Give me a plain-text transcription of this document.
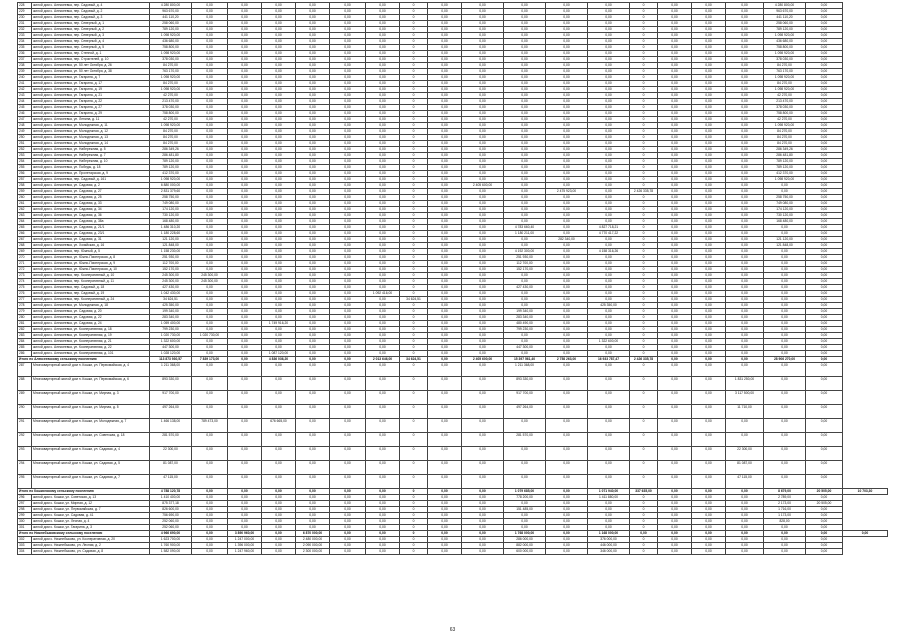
228	жилой дом с. Алексеевка, пер. Садовый, д. 4	4 280 800,00	0,00	0,00	0,00	0,00	0,00	0,00	0	0,00	0,00	0,00	0,00	0,00	0	0,00	0,00	0,00	4 280 800,00	0,00	
229	жилой дом с. Алексеевка, пер. Садовый, д. 2	963 670,00	0,00	0,00	0,00	0,00	0,00	0,00	0	0,00	0,00	0,00	0,00	0,00	0	0,00	0,00	0,00	963 670,00	0,00	
230	жилой дом с. Алексеевка, пер. Садовый, д. 3	441 110,20	0,00	0,00	0,00	0,00	0,00	0,00	0	0,00	0,00	0,00	0,00	0,00	0	0,00	0,00	0,00	441 110,20	0,00	
231	жилой дом с. Алексеевка, пер. Северный, д. 1	258 060,00	0,00	0,00	0,00	0,00	0,00	0,00	0	0,00	0,00	0,00	0,00	0,00	0	0,00	0,00	0,00	258 060,00	0,00	
232	жилой дом с. Алексеевка, пер. Северный, д. 2	789 120,00	0,00	0,00	0,00	0,00	0,00	0,00	0	0,00	0,00	0,00	0,00	0,00	0	0,00	0,00	0,00	789 120,00	0,00	
233	жилой дом с. Алексеевка, пер. Северный, д. 3	1 098 920,00	0,00	0,00	0,00	0,00	0,00	0,00	0	0,00	0,00	0,00	0,00	0,00	0	0,00	0,00	0,00	1 098 920,00	0,00	
234	жилой дом с. Алексеевка, пер. Северный, д. 4	436 680,00	0,00	0,00	0,00	0,00	0,00	0,00	0	0,00	0,00	0,00	0,00	0,00	0	0,00	0,00	0,00	436 680,00	0,00	
235	жилой дом с. Алексеевка, пер. Северный, д. 5	758 800,00	0,00	0,00	0,00	0,00	0,00	0,00	0	0,00	0,00	0,00	0,00	0,00	0	0,00	0,00	0,00	758 800,00	0,00	
236	жилой дом с. Алексеевка, пер. Степной, д. 1	1 098 920,00	0,00	0,00	0,00	0,00	0,00	0,00	0	0,00	0,00	0,00	0,00	0,00	0	0,00	0,00	0,00	1 098 920,00	0,00	
237	жилой дом с. Алексеевка, пер. Строителей, д. 10	378 030,00	0,00	0,00	0,00	0,00	0,00	0,00	0	0,00	0,00	0,00	0,00	0,00	0	0,00	0,00	0,00	378 030,00	0,00	
238	жилой дом с. Алексеевка, ул. 50 лет Октября, д. 26	84 270,00	0,00	0,00	0,00	0,00	0,00	0,00	0	0,00	0,00	0,00	0,00	0,00	0	0,00	0,00	0,00	84 270,00	0,00	
239	жилой дом с. Алексеевка, ул. 50 лет Октября, д. 38	763 170,00	0,00	0,00	0,00	0,00	0,00	0,00	0	0,00	0,00	0,00	0,00	0,00	0	0,00	0,00	0,00	763 170,00	0,00	
240	жилой дом с. Алексеевка, ул. Гагарина, д. 7	1 098 920,00	0,00	0,00	0,00	0,00	0,00	0,00	0	0,00	0,00	0,00	0,00	0,00	0	0,00	0,00	0,00	1 098 920,00	0,00	
241	жилой дом с. Алексеевка, ул. Гагарина, д. 17	84 270,00	0,00	0,00	0,00	0,00	0,00	0,00	0	0,00	0,00	0,00	0,00	0,00	0	0,00	0,00	0,00	84 270,00	0,00	
242	жилой дом с. Алексеевка, ул. Гагарина, д. 19	1 098 920,00	0,00	0,00	0,00	0,00	0,00	0,00	0	0,00	0,00	0,00	0,00	0,00	0	0,00	0,00	0,00	1 098 920,00	0,00	
243	жилой дом с. Алексеевка, ул. Гагарина, д. 21	42 270,00	0,00	0,00	0,00	0,00	0,00	0,00	0	0,00	0,00	0,00	0,00	0,00	0	0,00	0,00	0,00	42 270,00	0,00	
244	жилой дом с. Алексеевка, ул. Гагарина, д. 22	213 470,00	0,00	0,00	0,00	0,00	0,00	0,00	0	0,00	0,00	0,00	0,00	0,00	0	0,00	0,00	0,00	213 470,00	0,00	
245	жилой дом с. Алексеевка, ул. Гагарина, д. 27	378 030,00	0,00	0,00	0,00	0,00	0,00	0,00	0	0,00	0,00	0,00	0,00	0,00	0	0,00	0,00	0,00	378 030,00	0,00	
246	жилой дом с. Алексеевка, ул. Гагарина, д. 29	758 800,00	0,00	0,00	0,00	0,00	0,00	0,00	0	0,00	0,00	0,00	0,00	0,00	0	0,00	0,00	0,00	758 800,00	0,00	
247	жилой дом с. Алексеевка, ул. Ленина, д. 11	42 270,00	0,00	0,00	0,00	0,00	0,00	0,00	0	0,00	0,00	0,00	0,00	0,00	0	0,00	0,00	0,00	42 270,00	0,00	
248	жилой дом с. Алексеевка, ул. Молодежная, д. 11	1 098 920,00	0,00	0,00	0,00	0,00	0,00	0,00	0	0,00	0,00	0,00	0,00	0,00	0	0,00	0,00	0,00	1 098 920,00	0,00	
249	жилой дом с. Алексеевка, ул. Молодежная, д. 12	84 270,00	0,00	0,00	0,00	0,00	0,00	0,00	0	0,00	0,00	0,00	0,00	0,00	0	0,00	0,00	0,00	84 270,00	0,00	
250	жилой дом с. Алексеевка, ул. Молодежная, д. 13	84 270,00	0,00	0,00	0,00	0,00	0,00	0,00	0	0,00	0,00	0,00	0,00	0,00	0	0,00	0,00	0,00	84 270,00	0,00	
251	жилой дом с. Алексеевка, ул. Молодежная, д. 14	84 270,00	0,00	0,00	0,00	0,00	0,00	0,00	0	0,00	0,00	0,00	0,00	0,00	0	0,00	0,00	0,00	84 270,00	0,00	
252	жилой дом с. Алексеевка, ул. Набережная, д. 5	286 349,26	0,00	0,00	0,00	0,00	0,00	0,00	0	0,00	0,00	0,00	0,00	0,00	0	0,00	0,00	0,00	286 349,26	0,00	
253	жилой дом с. Алексеевка, ул. Набережная, д. 7	286 481,80	0,00	0,00	0,00	0,00	0,00	0,00	0	0,00	0,00	0,00	0,00	0,00	0	0,00	0,00	0,00	286 481,80	0,00	
254	жилой дом с. Алексеевка, ул. Набережная, д. 10	789 120,00	0,00	0,00	0,00	0,00	0,00	0,00	0	0,00	0,00	0,00	0,00	0,00	0	0,00	0,00	0,00	789 120,00	0,00	
255	жилой дом с. Алексеевка, ул. Победы, д. 18	789 120,00	0,00	0,00	0,00	0,00	0,00	0,00	0	0,00	0,00	0,00	0,00	0,00	0	0,00	0,00	0,00	789 120,00	0,00	
256	жилой дом с. Алексеевка, ул. Пролетарская, д. 9	412 370,00	0,00	0,00	0,00	0,00	0,00	0,00	0	0,00	0,00	0,00	0,00	0,00	0	0,00	0,00	0,00	412 370,00	0,00	
257	жилой дом с. Алексеевка, пер. Садовый, д. 161	1 098 920,00	0,00	0,00	0,00	0,00	0,00	0,00	0	0,00	0,00	0,00	0,00	0,00	0	0,00	0,00	0,00	1 098 920,00	0,00	
258	жилой дом с. Алексеевка, ул. Садовая, д. 2	6 880 000,00	0,00	0,00	0,00	0,00	0,00	0,00	0	0,00	2 405 600,00	0,00	0,00	0,00	0	0,00	0,00	0,00	0,00	0,00	
259	жилой дом с. Алексеевка, ул. Садовая, д. 27	2 831 379,60	0,00	0,00	0,00	0,00	0,00	0,00	0	0,00	0,00	0,00	2 475 923,00	0,00	2 426 335,78	0,00	0,00	0,00	0,00	0,00	
260	жилой дом с. Алексеевка, ул. Садовая, д. 25	258 750,00	0,00	0,00	0,00	0,00	0,00	0,00	0	0,00	0,00	0,00	0,00	0,00	0	0,00	0,00	0,00	258 750,00	0,00	
261	жилой дом с. Алексеевка, ул. Садовая, д. 33	749 080,00	0,00	0,00	0,00	0,00	0,00	0,00	0	0,00	0,00	0,00	0,00	0,00	0	0,00	0,00	0,00	749 080,00	0,00	
262	жилой дом с. Алексеевка, ул. Садовая, д. 34	174 120,00	0,00	0,00	0,00	0,00	0,00	0,00	0	0,00	0,00	0,00	0,00	0,00	0	0,00	0,00	0,00	174 120,00	0,00	
263	жилой дом с. Алексеевка, ул. Садовая, д. 36	730 120,00	0,00	0,00	0,00	0,00	0,00	0,00	0	0,00	0,00	0,00	0,00	0,00	0	0,00	0,00	0,00	730 120,00	0,00	
264	жилой дом с. Алексеевка, ул. Садовая, д. 38а	168 480,00	0,00	0,00	0,00	0,00	0,00	0,00	0	0,00	0,00	0,00	0,00	0,00	0	0,00	0,00	0,00	168 480,00	0,00	
265	жилой дом с. Алексеевка, ул. Садовая, д. 21/1	1 486 310,20	0,00	0,00	0,00	0,00	0,00	0,00	0	0,00	0,00	4 783 660,40	0,00	4 827 718,21	0	0,00	0,00	0,00	0,00	0,00	
266	жилой дом с. Алексеевка, ул. Садовая, д. 23/1	1 180 228,60	0,00	0,00	0,00	0,00	0,00	0,00	0	0,00	0,00	1 180 211,00	0,00	4 770 417,22	0	0,00	0,00	0,00	0,00	0,00	
267	жилой дом с. Алексеевка, ул. Садовая, д. 31	121 120,00	0,00	0,00	0,00	0,00	0,00	0,00	0	0,00	0,00	0,00	282 340,00	0,00	0	0,00	0,00	0,00	121 120,00	0,00	
268	жилой дом с. Алексеевка, ул. Хозяйская, д. 16	121 848,00	0,00	0,00	0,00	0,00	0,00	0,00	0	0,00	0,00	0,00	0,00	0,00	0	0,00	0,00	0,00	121 848,00	0,00	
269	жилой дом с. Алексеевка, пер. Южный, д. 5	1 158 230,00	0,00	0,00	0,00	0,00	0,00	0,00	0	0,00	0,00	4 192 300,00	0,00	4 158 316,26	0	0,00	0,00	0,00	0,00	0,00	
270	жилой дом с. Алексеевка, ул. Южно-Пионерская, д. 8	251 930,00	0,00	0,00	0,00	0,00	0,00	0,00	0	0,00	0,00	251 930,00	0,00	0,00	0	0,00	0,00	0,00	0,00	0,00	
271	жилой дом с. Алексеевка, ул. Южно-Пионерская, д. 9	112 700,00	0,00	0,00	0,00	0,00	0,00	0,00	0	0,00	0,00	112 700,00	0,00	0,00	0	0,00	0,00	0,00	0,00	0,00	
272	жилой дом с. Алексеевка, ул. Южно-Пионерская, д. 10	152 170,00	0,00	0,00	0,00	0,00	0,00	0,00	0	0,00	0,00	152 170,00	0,00	0,00	0	0,00	0,00	0,00	0,00	0,00	
273	жилой дом с. Алексеевка, пер. Кооперативный, д. 10	245 300,00	245 300,00	0,00	0,00	0,00	0,00	0,00	0	0,00	0,00	0,00	0,00	0,00	0	0,00	0,00	0,00	0,00	0,00	
274	жилой дом с. Алексеевка, пер. Кооперативный, д. 11	245 300,00	245 300,00	0,00	0,00	0,00	0,00	0,00	0	0,00	0,00	0,00	0,00	0,00	0	0,00	0,00	0,00	0,00	0,00	
275	жилой дом с. Алексеевка, пер. Садовый, д. 18	427 430,00	0,00	0,00	0,00	0,00	0,00	0,00	0	0,00	0,00	427 430,00	0,00	0,00	0	0,00	0,00	0,00	0,00	0,00	
276	жилой дом с. Алексеевка, пер. Садовый, д. 19	1 042 430,00	0,00	0,00	0,00	0,00	0,00	1 092 416,00	0	0,00	0,00	0,00	0,00	0,00	0	0,00	0,00	0,00	0,00	0,00	
277	жилой дом с. Алексеевка, пер. Кооперативный, д. 24	34 624,51	0,00	0,00	0,00	0,00	0,00	0,00	34 624,51	0,00	0,00	0,00	0,00	0,00	0	0,00	0,00	0,00	0,00	0,00	
278	жилой дом с. Алексеевка, ул. Молодежная, д. 18	425 350,00	0,00	0,00	0,00	0,00	0,00	0,00	0	0,00	0,00	0,00	0,00	425 350,00	0	0,00	0,00	0,00	0,00	0,00	
279	жилой дом с. Алексеевка, ул. Садовая, д. 20	199 340,00	0,00	0,00	0,00	0,00	0,00	0,00	0	0,00	0,00	199 340,00	0,00	0,00	0	0,00	0,00	0,00	0,00	0,00	
280	жилой дом с. Алексеевка, ул. Садовая, д. 22	283 340,00	0,00	0,00	0,00	0,00	0,00	0,00	0	0,00	0,00	283 340,00	0,00	0,00	0	0,00	0,00	0,00	0,00	0,00	
281	жилой дом с. Алексеевка, ул. Садовая, д. 24	1 059 400,00	0,00	0,00	1 749 916,20	0,00	0,00	0,00	0	0,00	0,00	480 490,00	0,00	0,00	0	0,00	0,00	0,00	0,00	0,00	
282	жилой дом с. Алексеевка, ул. Кооперативная, д. 18	799 230,00	0,00	0,00	0,00	0,00	0,00	0,00	0	0,00	0,00	799 230,00	0,00	0,00	0	0,00	0,00	0,00	0,00	0,00	
283	жилой дом с. Алексеевка, ул. Кооперативная, д. 19	1 020 730,00	1 020 730,00	0,00	0,00	0,00	0,00	0,00	0	0,00	0,00	0,00	0,00	0,00	0	0,00	0,00	0,00	0,00	0,00	
284	жилой дом с. Алексеевка, ул. Кооперативная, д. 21	1 322 600,00	0,00	0,00	0,00	0,00	0,00	0,00	0	0,00	0,00	0,00	0,00	1 322 600,00	0	0,00	0,00	0,00	0,00	0,00	
285	жилой дом с. Алексеевка, ул. Кооперативная, д. 22	447 300,00	0,00	0,00	0,00	0,00	0,00	0,00	0	0,00	0,00	447 300,00	0,00	0,00	0	0,00	0,00	0,00	0,00	0,00	
286	жилой дом с. Алексеевка, ул. Кооперативная, д. 101	1 028 120,00	0,00	0,00	1 087 120,00	0,00	0,00	0,00	0	0,00	0,00	0,00	0,00	0,00	0	0,00	0,00	0,00	0,00	0,00	
Итого по Алексеевскому сельскому поселению		113 873 930,57	7 839 173,00	0,00	4 836 036,20	0,00	0,00	2 013 646,00	34 624,51	0,00	2 405 600,00	15 397 561,40	2 758 263,00	16 933 787,47	2 426 335,78	0,00	0,00	0,00	28 906 270,00	0,00	
287	Многоквартирный жилой дом п. Кошки, ул. Первомайская, д. 4	1 211 368,00	0,00	0,00	0,00	0,00	0,00	0,00	0	0,00	0,00	1 211 368,00	0,00	0,00	0	0,00	0,00	0,00	0,00	0,00	
288	Многоквартирный жилой дом п. Кошки, ул. Первомайская, д. 6	893 330,00	0,00	0,00	0,00	0,00	0,00	0,00	0	0,00	0,00	893 330,00	0,00	0,00	0	0,00	0,00	1 831 250,00	0,00	0,00	
289	Многоквартирный жилой дом п. Кошки, ул. Мирная, д. 3	917 700,00	0,00	0,00	0,00	0,00	0,00	0,00	0	0,00	0,00	917 700,00	0,00	0,00	0	0,00	0,00	3 117 500,00	0,00	0,00	
290	Многоквартирный жилой дом п. Кошки, ул. Мирная, д. 5	497 264,00	0,00	0,00	0,00	0,00	0,00	0,00	0	0,00	0,00	497 264,00	0,00	0,00	0	0,00	0,00	11 710,00	0,00	0,00	
291	Многоквартирный жилой дом п. Кошки, ул. Молодежная, д. 7	1 466 138,00	789 473,00	0,00	676 665,00	0,00	0,00	0,00	0	0,00	0,00	0,00	0,00	0,00	0	0,00	0,00	0,00	0,00	0,00	
292	Многоквартирный жилой дом п. Кошки, ул. Советская, д. 18	281 570,00	0,00	0,00	0,00	0,00	0,00	0,00	0	0,00	0,00	281 570,00	0,00	0,00	0	0,00	0,00	0,00	0,00	0,00	
293	Многоквартирный жилой дом п. Кошки, ул. Садовая, д. 4	22 300,00	0,00	0,00	0,00	0,00	0,00	0,00	0	0,00	0,00	0,00	0,00	0,00	0	0,00	0,00	22 300,00	0,00	0,00	
294	Многоквартирный жилой дом п. Кошки, ул. Садовая, д. 5	81 087,00	0,00	0,00	0,00	0,00	0,00	0,00	0	0,00	0,00	0,00	0,00	0,00	0	0,00	0,00	81 087,00	0,00	0,00	
295	Многоквартирный жилой дом п. Кошки, ул. Садовая, д. 7	47 115,00	0,00	0,00	0,00	0,00	0,00	0,00	0	0,00	0,00	0,00	0,00	0,00	0	0,00	0,00	47 115,00	0,00	0,00	
Итого по Кошкинскому сельскому поселению		4 788 120,78	0,00	0,00	0,00	0,00	0,00	0,00	0	0,00	0,00	1 079 685,00	0,00	1 071 940,00	337 635,00	0,00	0,00	0,00	8 679,00	20 505,00	10 703,30
296	жилой дом с. Кошки, ул. Советская, д. 13	1 410 400,00	0,00	0,00	0,00	0,00	0,00	0,00	0	0,00	0,00	778 200,00	0,00	1 411 880,00	0	0,00	0,00	0,00	2 789,00	0,00	
297	жилой дом с. Кошки, ул. Мирная, д. 12	875 377,18	0,00	0,00	0,00	0,00	0,00	0,00	0	0,00	0,00	0,00	0,00	0,00	0	0,00	0,00	0,00	2 173,00	20 505,00	
298	жилой дом с. Кошки, ул. Первомайская, д. 7	826 600,00	0,00	0,00	0,00	0,00	0,00	0,00	0	0,00	0,00	151 485,00	0,00	0,00	0	0,00	0,00	0,00	1 716,00	0,00	
299	жилой дом с. Кошки, ул. Садовая, д. 41	756 690,00	0,00	0,00	0,00	0,00	0,00	0,00	0	0,00	0,00	0,00	0,00	0,00	0	0,00	0,00	0,00	1 173,00	0,00	
300	жилой дом с. Кошки, ул. Лесная, д. 4	252 060,00	0,00	0,00	0,00	0,00	0,00	0,00	0	0,00	0,00	0,00	0,00	0,00	0	0,00	0,00	0,00	828,00	0,00	
301	жилой дом с. Кошки, ул. Гагарина, д. 3	252 060,00	0,00	0,00	0,00	0,00	0,00	0,00	0	0,00	0,00	0,00	0,00	0,00	0	0,00	0,00	0,00	0,00	0,00	
Итого по Нижнебыковскому сельскому поселению		4 966 690,00	0,00	3 890 960,00	0,00	6 870 000,00	0,00	0,00	0	0,00	0,00	1 768 000,00	0,00	1 168 000,00	0,00	0,00	0,00	0,00	0,00	0,00	0,00
302	жилой дом с. Нижнебыково, ул. Кооперативная, д. 20	1 623 700,00	0,00	1 247 000,00	0,00	2 480 000,00	0,00	0,00	0	0,00	0,00	286 000,00	0,00	376 000,00	0	0,00	0,00	0,00	0,00	0,00	
303	жилой дом с. Нижнебыково, ул. Лесная, д. 2	1 760 900,00	0,00	1 396 000,00	0,00	2 090 000,00	0,00	0,00	0	0,00	0,00	882 000,00	0,00	446 000,00	0	0,00	0,00	0,00	0,00	0,00	
304	жилой дом с. Нижнебыково, ул. Садовая, д. 8	1 582 090,00	0,00	1 247 960,00	0,00	2 300 000,00	0,00	0,00	0	0,00	0,00	600 000,00	0,00	346 000,00	0	0,00	0,00	0,00	0,00	0,00	
63
